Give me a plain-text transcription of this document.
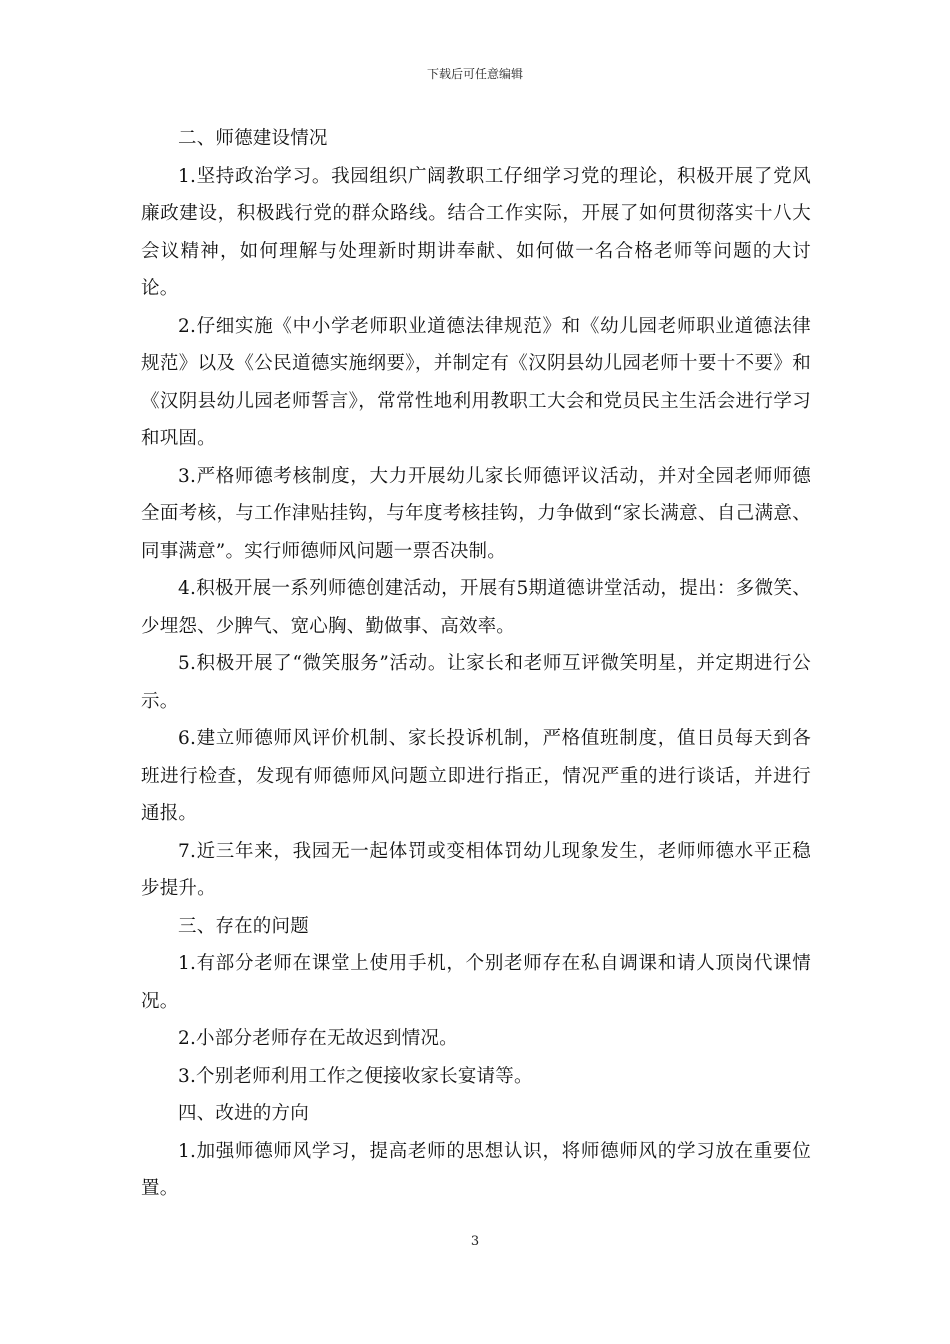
下载后可任意编辑

二、师德建设情况

1.坚持政治学习。我园组织广阔教职工仔细学习党的理论，积极开展了党风廉政建设，积极践行党的群众路线。结合工作实际，开展了如何贯彻落实十八大会议精神，如何理解与处理新时期讲奉献、如何做一名合格老师等问题的大讨论。

2.仔细实施《中小学老师职业道德法律规范》和《幼儿园老师职业道德法律规范》以及《公民道德实施纲要》，并制定有《汉阴县幼儿园老师十要十不要》和《汉阴县幼儿园老师誓言》，常常性地利用教职工大会和党员民主生活会进行学习和巩固。

3.严格师德考核制度，大力开展幼儿家长师德评议活动，并对全园老师师德全面考核，与工作津贴挂钩，与年度考核挂钩，力争做到“家长满意、自己满意、同事满意”。实行师德师风问题一票否决制。

4.积极开展一系列师德创建活动，开展有5期道德讲堂活动，提出：多微笑、少埋怨、少脾气、宽心胸、勤做事、高效率。

5.积极开展了“微笑服务”活动。让家长和老师互评微笑明星，并定期进行公示。

6.建立师德师风评价机制、家长投诉机制，严格值班制度，值日员每天到各班进行检查，发现有师德师风问题立即进行指正，情况严重的进行谈话，并进行通报。

7.近三年来，我园无一起体罚或变相体罚幼儿现象发生，老师师德水平正稳步提升。

三、存在的问题

1.有部分老师在课堂上使用手机，个别老师存在私自调课和请人顶岗代课情况。

2.小部分老师存在无故迟到情况。

3.个别老师利用工作之便接收家长宴请等。

四、改进的方向

1.加强师德师风学习，提高老师的思想认识，将师德师风的学习放在重要位置。

3
